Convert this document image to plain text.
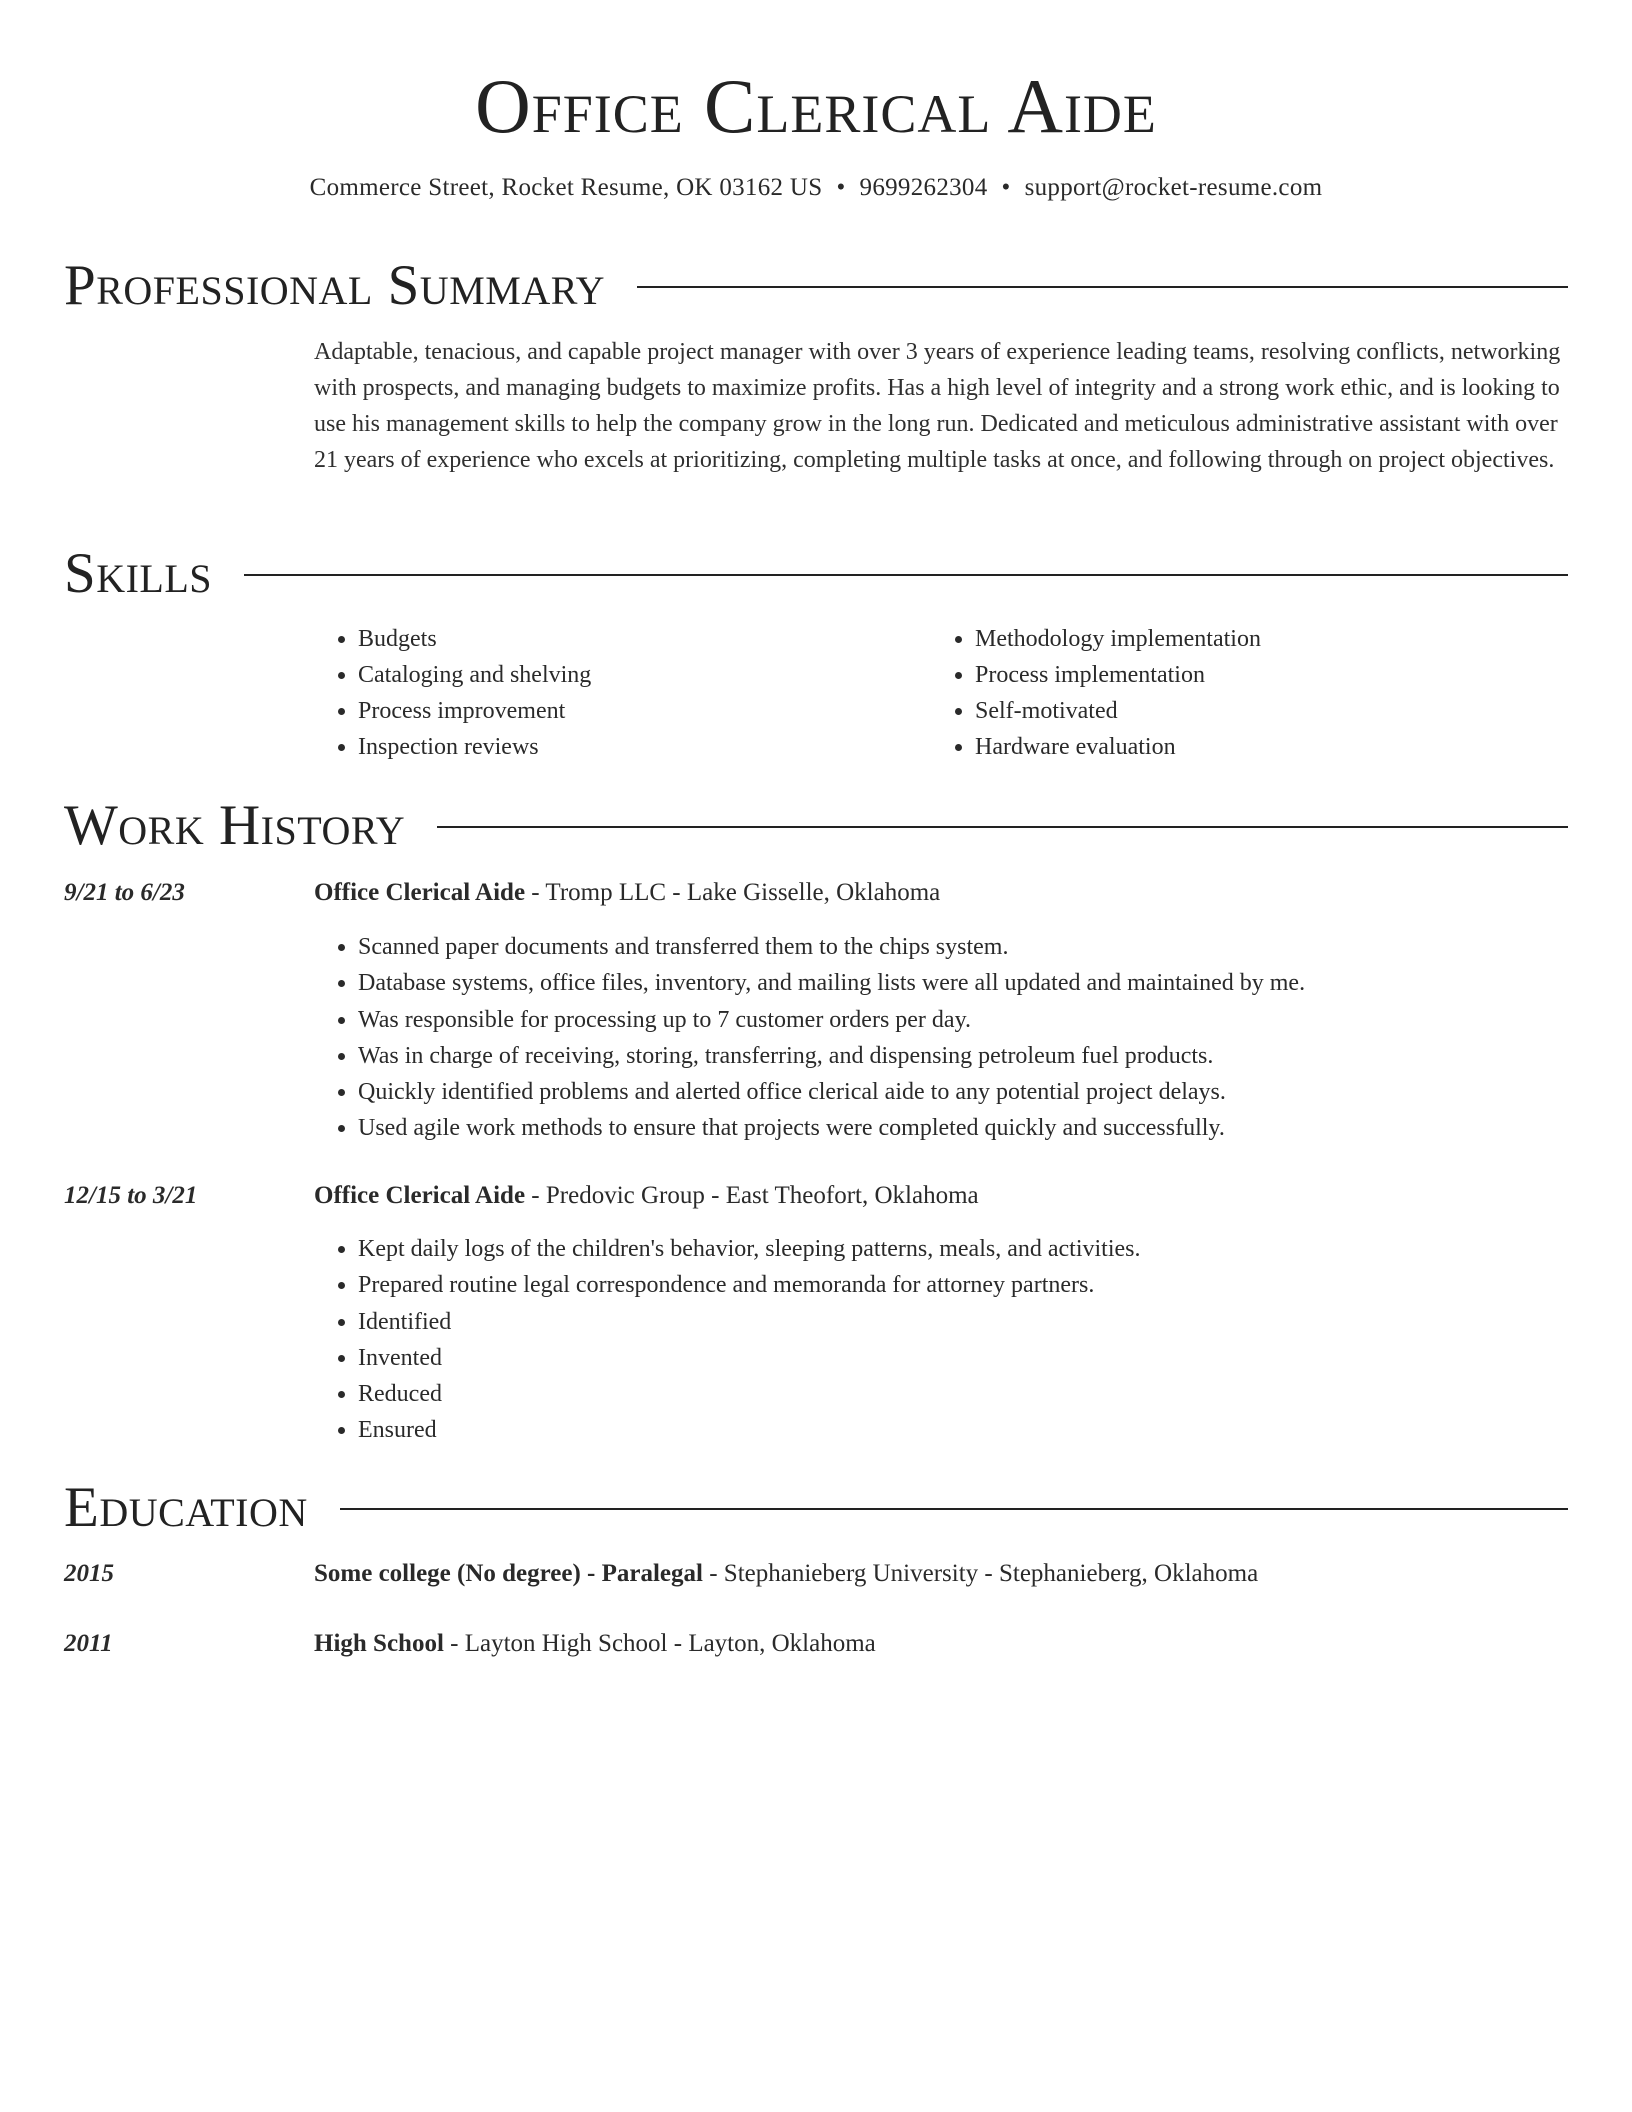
Office Clerical Aide
Commerce Street, Rocket Resume, OK 03162 US • 9699262304 • support@rocket-resume.com
Professional Summary

Adaptable, tenacious, and capable project manager with over 3 years of experience leading teams, resolving conflicts, networking with prospects, and managing budgets to maximize profits. Has a high level of integrity and a strong work ethic, and is looking to use his management skills to help the company grow in the long run. Dedicated and meticulous administrative assistant with over 21 years of experience who excels at prioritizing, completing multiple tasks at once, and following through on project objectives.

Skills
• Budgets
• Cataloging and shelving
• Process improvement
• Inspection reviews
• Methodology implementation
• Process implementation
• Self-motivated
• Hardware evaluation
Work History
9/21 to 6/23	Office Clerical Aide - Tromp LLC - Lake Gisselle, Oklahoma
• Scanned paper documents and transferred them to the chips system.
• Database systems, office files, inventory, and mailing lists were all updated and maintained by me.
• Was responsible for processing up to 7 customer orders per day.
• Was in charge of receiving, storing, transferring, and dispensing petroleum fuel products.
• Quickly identified problems and alerted office clerical aide to any potential project delays.
• Used agile work methods to ensure that projects were completed quickly and successfully.
12/15 to 3/21	Office Clerical Aide - Predovic Group - East Theofort, Oklahoma
• Kept daily logs of the children's behavior, sleeping patterns, meals, and activities.
• Prepared routine legal correspondence and memoranda for attorney partners.
• Identified
• Invented
• Reduced
• Ensured
Education
2015	Some college (No degree) - Paralegal - Stephanieberg University - Stephanieberg, Oklahoma
2011	High School - Layton High School - Layton, Oklahoma
